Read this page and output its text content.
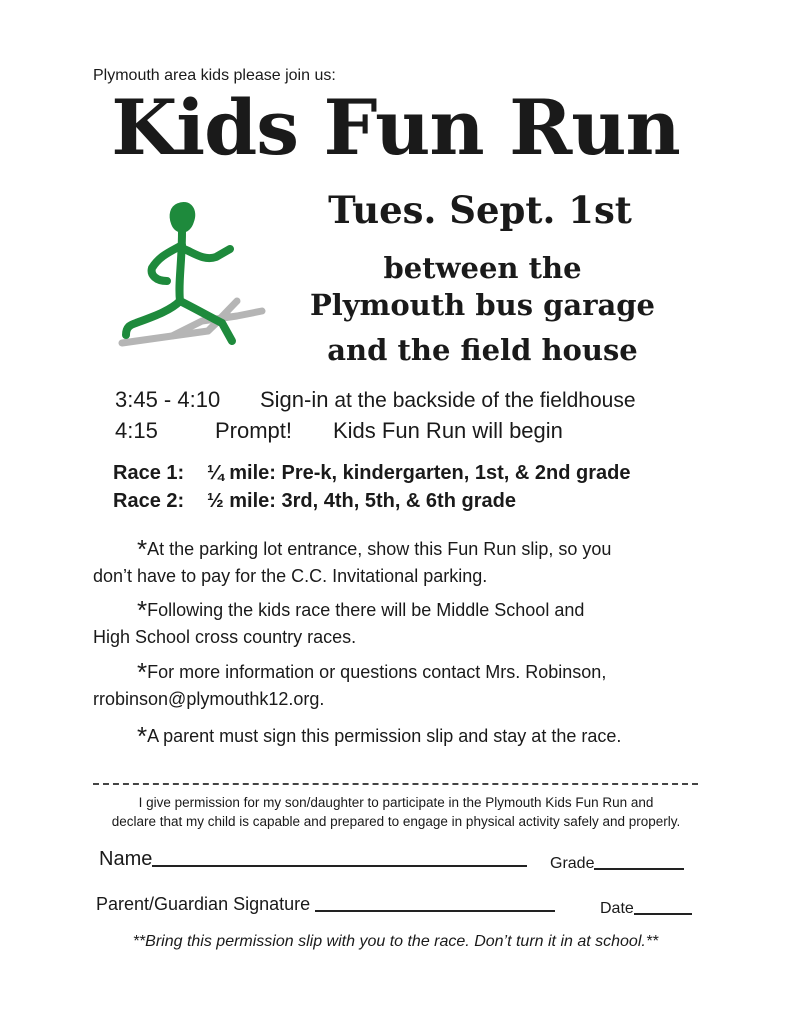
Plymouth area kids please join us:
Kids Fun Run
Tues. Sept. 1st
between the
Plymouth bus garage
and the field house
3:45 - 4:10 Sign-in at the backside of the fieldhouse
4:15	Prompt! Kids Fun Run will begin
Race 1: ¼ mile: Pre-k, kindergarten, 1st, & 2nd grade
Race 2: ½ mile: 3rd, 4th, 5th, & 6th grade
*At the parking lot entrance, show this Fun Run slip, so you
don’t have to pay for the C.C. Invitational parking.
*Following the kids race there will be Middle School and
High School cross country races.
*For more information or questions contact Mrs. Robinson,
rrobinson@plymouthk12.org.
*A parent must sign this permission slip and stay at the race.
I give permission for my son/daughter to participate in the Plymouth Kids Fun Run and
declare that my child is capable and prepared to engage in physical activity safely and properly.
Name	Grade
Parent/Guardian Signature	Date
**Bring this permission slip with you to the race. Don’t turn it in at school.**
